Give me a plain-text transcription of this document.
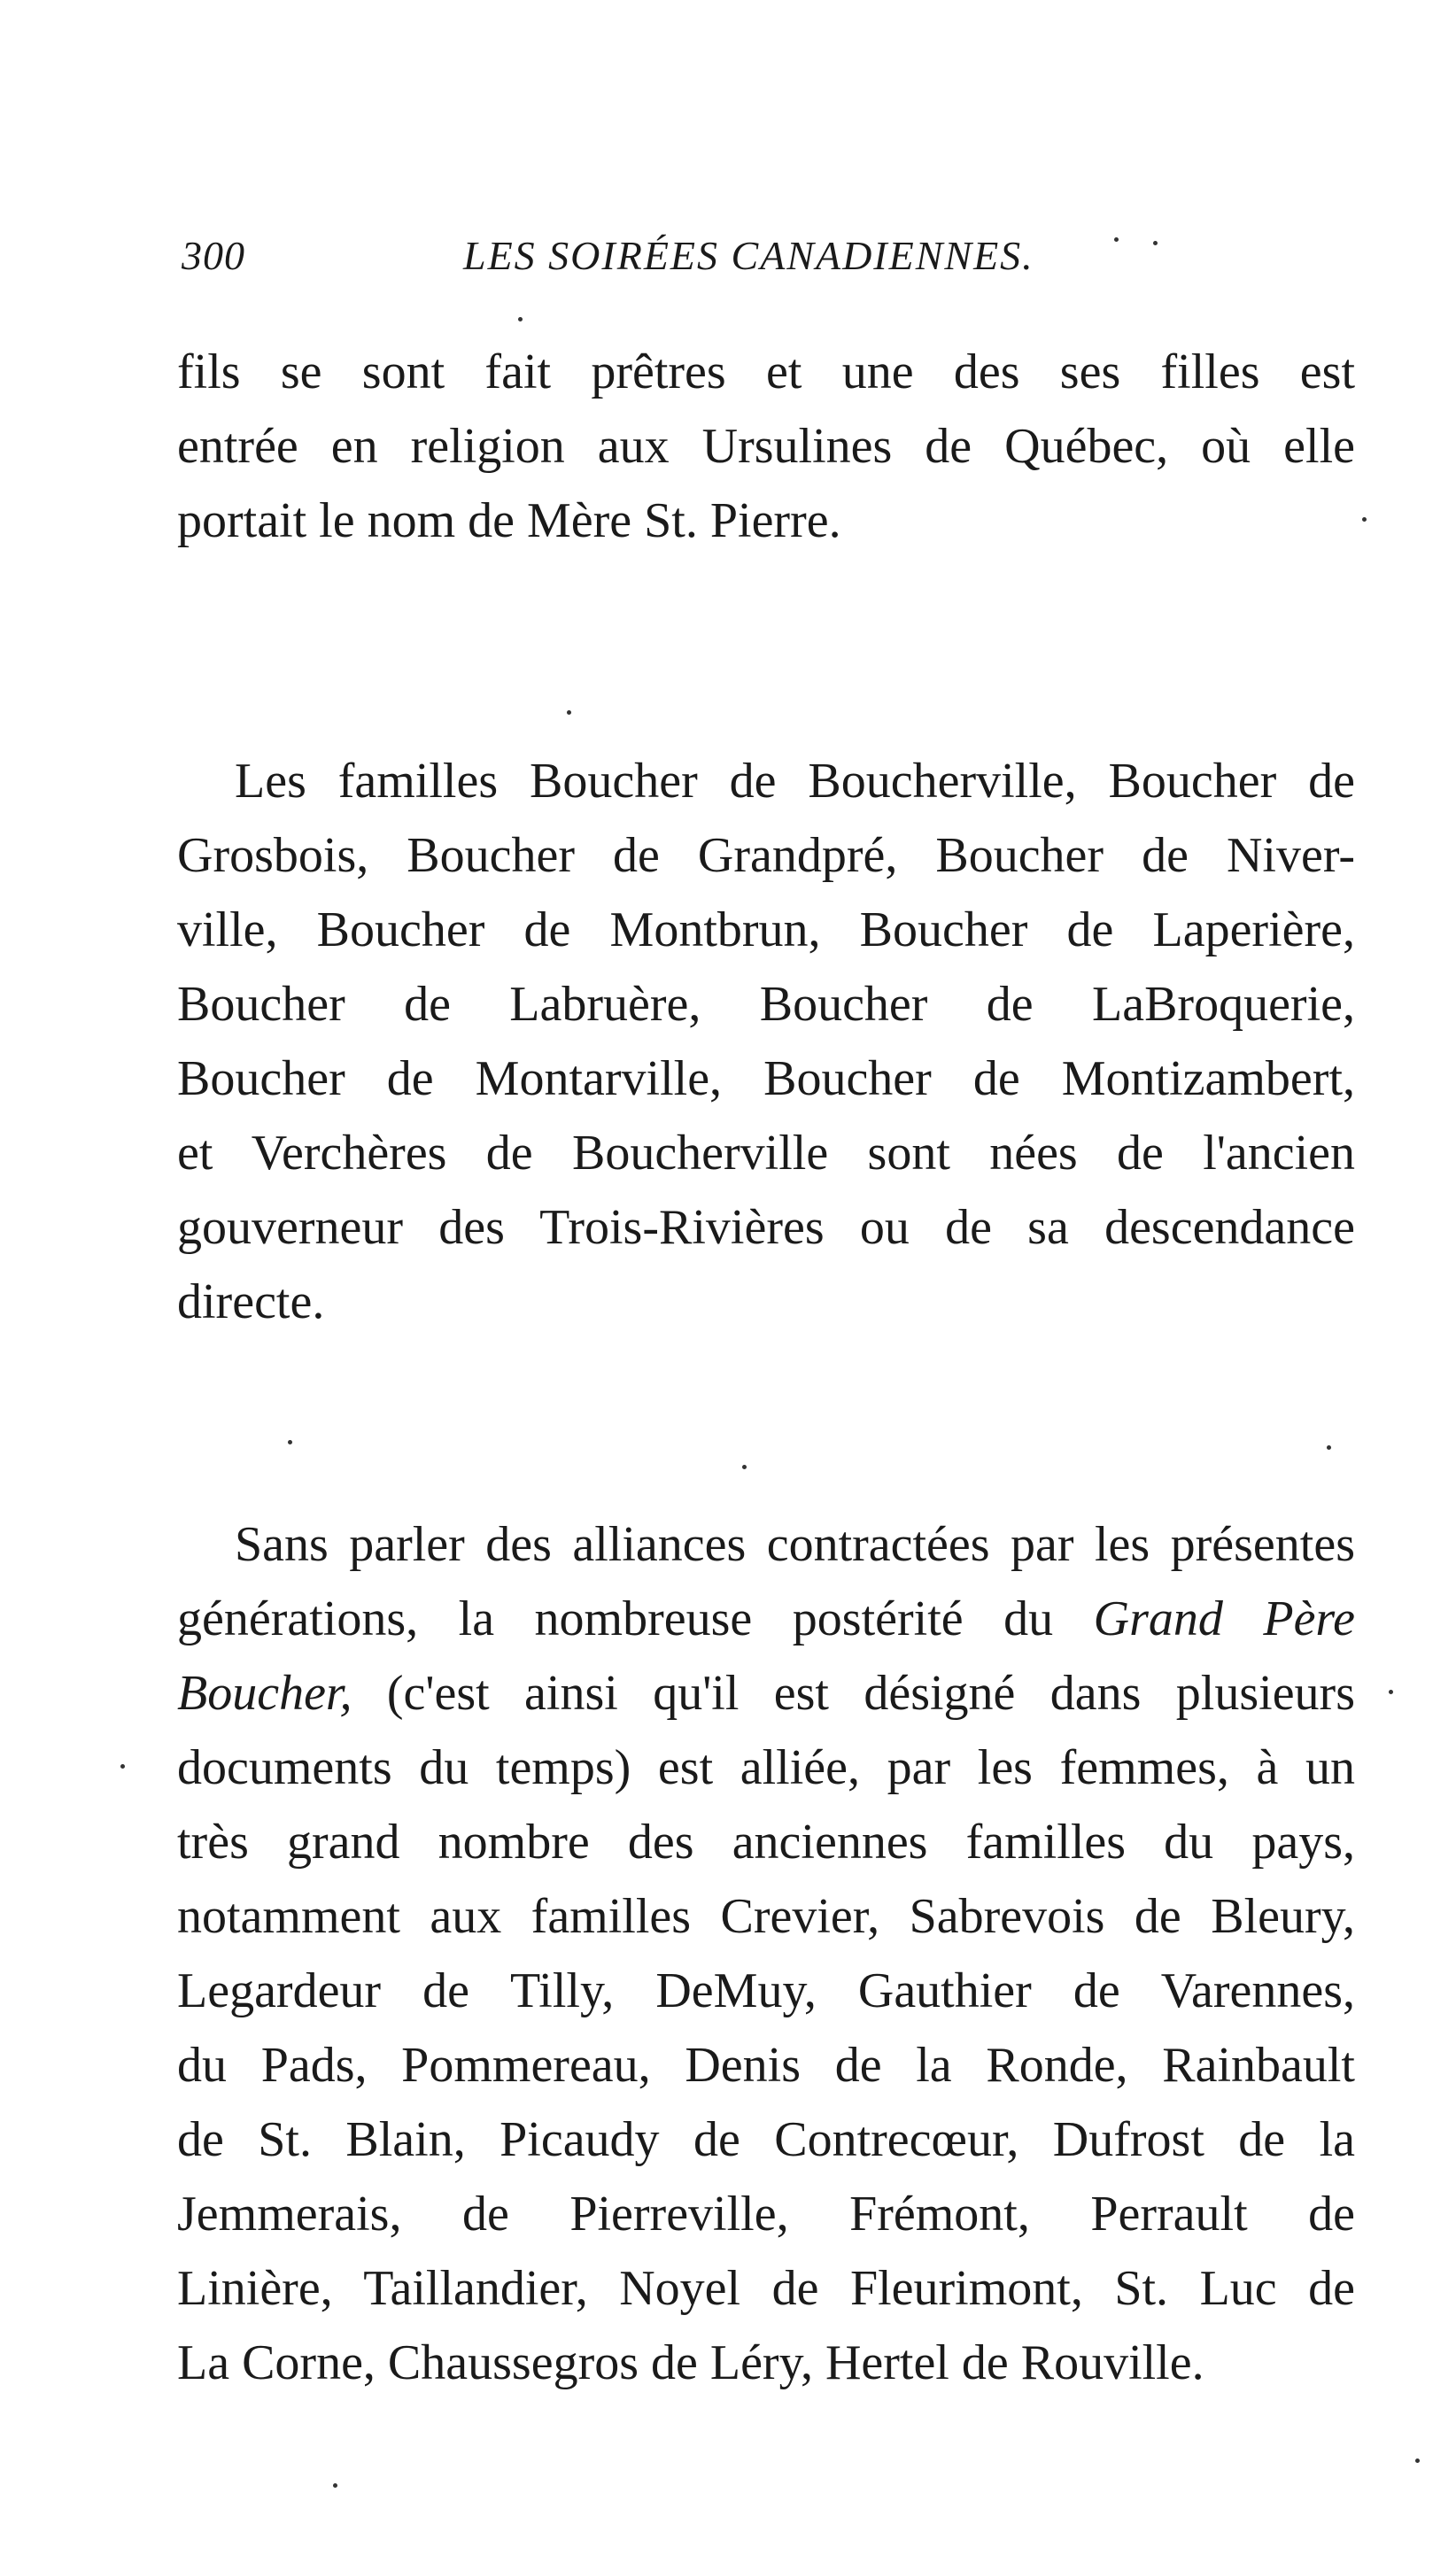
300	LES SOIRÉES CANADIENNES.

fils se sont fait prêtres et une des ses filles est
entrée en religion aux Ursulines de Québec, où elle
portait le nom de Mère St. Pierre.

Les familles Boucher de Boucherville, Boucher de
Grosbois, Boucher de Grandpré, Boucher de Niver-
ville, Boucher de Montbrun, Boucher de Laperière,
Boucher de Labruère, Boucher de LaBroquerie,
Boucher de Montarville, Boucher de Montizambert,
et Verchères de Boucherville sont nées de l'ancien
gouverneur des Trois-Rivières ou de sa descendance
directe.

Sans parler des alliances contractées par les présentes
générations, la nombreuse postérité du Grand Père
Boucher, (c'est ainsi qu'il est désigné dans plusieurs
documents du temps) est alliée, par les femmes, à un
très grand nombre des anciennes familles du pays,
notamment aux familles Crevier, Sabrevois de Bleury,
Legardeur de Tilly, DeMuy, Gauthier de Varennes,
du Pads, Pommereau, Denis de la Ronde, Rainbault
de St. Blain, Picaudy de Contrecœur, Dufrost de la
Jemmerais, de Pierreville, Frémont, Perrault de
Linière, Taillandier, Noyel de Fleurimont, St. Luc de
La Corne, Chaussegros de Léry, Hertel de Rouville.
